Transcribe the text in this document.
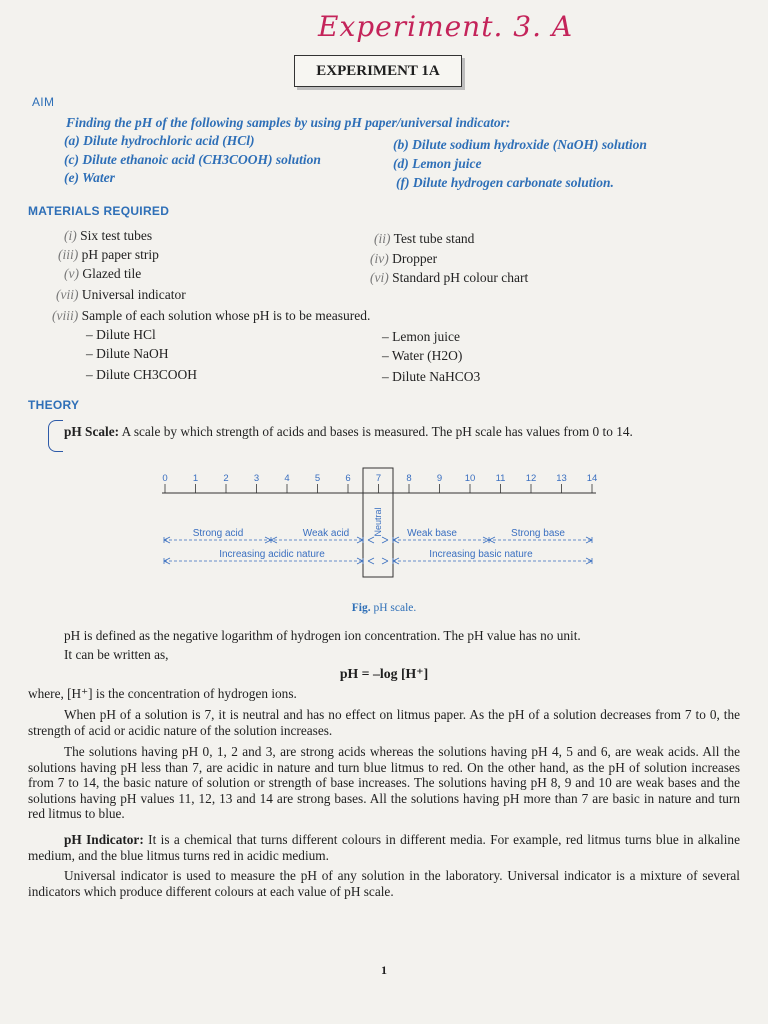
Experiment. 3. A
EXPERIMENT 1A
AIM
Finding the pH of the following samples by using pH paper/universal indicator:
(a) Dilute hydrochloric acid (HCl)	(b) Dilute sodium hydroxide (NaOH) solution
(c) Dilute ethanoic acid (CH3COOH) solution	(d) Lemon juice
(e) Water	(f) Dilute hydrogen carbonate solution.
MATERIALS REQUIRED
(i) Six test tubes	(ii) Test tube stand
(iii) pH paper strip	(iv) Dropper
(v) Glazed tile	(vi) Standard pH colour chart
(vii) Universal indicator
(viii) Sample of each solution whose pH is to be measured.
– Dilute HCl	– Lemon juice
– Dilute NaOH	– Water (H2O)
– Dilute CH3COOH	– Dilute NaHCO3
THEORY
pH Scale: A scale by which strength of acids and bases is measured. The pH scale has values from 0 to 14.
0	1	2	3	4	5	6	7	8	9 10 11 12 13 14
Neutral
Strong acid	Weak acid	Weak base	Strong base
Increasing acidic nature	Increasing basic nature
Fig. pH scale.
pH is defined as the negative logarithm of hydrogen ion concentration. The pH value has no unit.
It can be written as,
pH = –log [H⁺]
where, [H⁺] is the concentration of hydrogen ions.
When pH of a solution is 7, it is neutral and has no effect on litmus paper. As the pH of a solution decreases from 7 to 0, the strength of acid or acidic nature of the solution increases.
The solutions having pH 0, 1, 2 and 3, are strong acids whereas the solutions having pH 4, 5 and 6, are weak acids. All the solutions having pH less than 7, are acidic in nature and turn blue litmus to red. On the other hand, as the pH of solution increases from 7 to 14, the basic nature of solution or strength of base increases. The solutions having pH 8, 9 and 10 are weak bases and the solutions having pH values 11, 12, 13 and 14 are strong bases. All the solutions having pH more than 7 are basic in nature and turn red litmus to blue.
pH Indicator: It is a chemical that turns different colours in different media. For example, red litmus turns blue in alkaline medium, and the blue litmus turns red in acidic medium.
Universal indicator is used to measure the pH of any solution in the laboratory. Universal indicator is a mixture of several indicators which produce different colours at each value of pH scale.
1
